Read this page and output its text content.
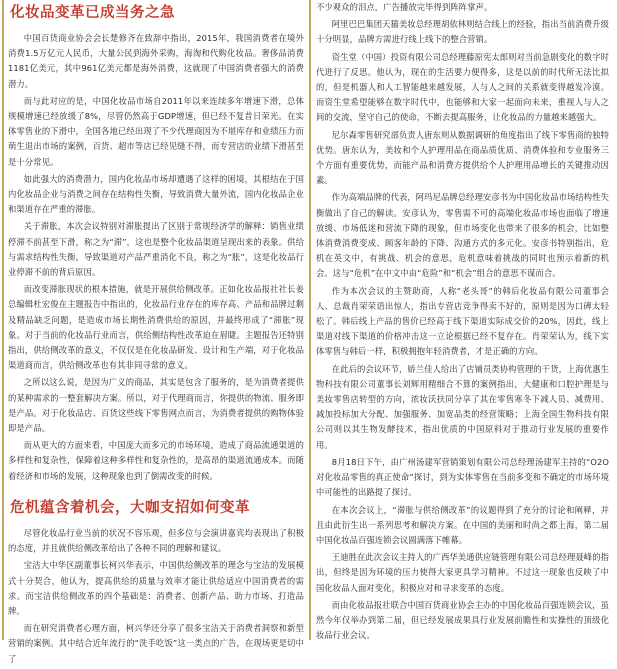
化妆品变革已成当务之急

中国百货商业协会会长楚修齐在致辞中指出，2015年，我国消费者在境外消费1.5万亿元人民币，大量公民到海外采购，海淘和代购化妆品。奢侈品消费1181亿美元，其中961亿美元都是海外消费，这就现了中国消费者强大的消费潜力。

而与此对应的是，中国化妆品市场自2011年以来连续多年增速下滑，总体规模增速已经放缓了8%，尽管仍然高于GDP增速，但已经不复昔日荣光。在实体零售业的下滑中，全国各地已经出现了不少代理商因为不堪库存和业绩压力而萌生退出市场的案例，百货、超市等店已经见缝不得，而专营店的业绩下滑甚至是十分常见。

如此强大的消费潜力，国内化妆品市场却遭遇了这样的困境，其根结在于国内化妆品企业与消费之间存在结构性失衡，导致消费大量外流，国内化妆品企业和渠道存在严重的滞胀。

关于滞胀，本次会议特别对滞胀提出了区别于常规经济学的解释：销售业绩停滞不前甚至下滑，称之为“滞”，这也是整个化妆品渠道呈现出来的表象。供给与需求结构性失衡，导致渠道对产品严重消化不良，称之为“胀”，这是化妆品行业停滞不前的背后原因。

而改变滞胀现状的根本措施，就是开展供给侧改革。正如化妆品报社社长姜总编辑杜宏俊在主题报告中指出的，化妆品行业存在的库存高、产品和品牌过剩及精品缺乏问题，是造成市场长期性消费供给的原因，并最终形成了“滞胀”现象。对于当前的化妆品行业而言，供给侧结构性改革迫在眉睫。主题报告还特别指出，供给侧改革的意义，不仅仅是在化妆品研发、设计和生产端，对于化妆品渠道商而言，供给侧改革也有其非同寻常的意义。

之所以这么说，是因为广义的商品，其实是包含了服务的，是为消费者提供的某种需求的一整套解决方案。所以，对于代理商而言，你提供的物流、服务即是产品。对于化妆品店、百货这些线下零售网点而言，为消费者提供的购物体验即是产品。

而从更大的方面来看，中国庞大而多元的市场环境，造成了商品流通渠道的多样性和复杂性，保障着这种多样性和复杂性的，是高昂的渠道流通成本。而随着经济和市场的发展，这种现象也到了倒需改变的时候。

危机蕴含着机会，大咖支招如何变革

尽管化妆品行业当前的状况不容乐观，但多位与会演讲嘉宾均表现出了积极的态度，并且就供给侧改革给出了各种不同的理解和建议。

宝洁大中华区副董事长柯兴华表示，中国供给侧改革的理念与宝洁的发展模式十分契合，他认为，提高供给的质量与效率才能让供给适应中国消费者的需求。而宝洁供给侧改革的四个基础是：消费者、创新产品、助力市场、打造品牌。

而在研究消费者心理方面，柯兴华还分享了很多宝洁关于消费者洞察和新型营销的案例。其中结合近年流行的“洗手吃饭”这一类点的广告，在现场更是切中了

不少观众的泪点，广告播放完毕得到阵阵掌声。

阿里巴巴集团天猫美妆总经理胡依林则结合线上的经验，指出当前消费升级十分明显，品牌方需进行线上线下的整合营销。

资生堂（中国）投资有限公司总经理藤原宪太郎则对当前急剧变化的数字时代进行了反思。他认为，现在的生活要力便得多，这是以前的时代所无法比拟的，但是机器人和人工智能越来越发展，人与人之间的关系就变得越发冷漠。而资生堂希望能够在数字时代中，也能够和大家一起面向未来，重视人与人之间的交流，坚守自己的使命，不断去提高服务，让化妆品的力量越来越强大。

尼尔森零售研究部负责人唐东则从数据调研的角度指出了线下零售商的独特优势。唐东认为，美妆和个人护理用品在商品质优质、消费体验和专业服务三个方面有重要优势，而能产品和消费方提供给个人护理用品增长的关键推动因素。

作为高端品牌的代表，阿玛尼品牌总经理安彦书为中国化妆品市场结构性失衡做出了自己的解读。安彦认为，零售需不可的高端化妆品市场也面临了增速放缓、市场低迷和营流下降的现象，但市场变化也带来了很多的机会，比如整体消费消费变成、顾客年龄的下降、沟通方式的多元化。安彦书特别指出，危机在英文中，有挑战、机会的意思，危机意味着挑战的同时也预示着新的机会。这与“危机”在中文中由“危险”和“机会”组合的意思不谋而合。

作为本次会议的主赞助商，人称“老头哥”的韩后化妆品有限公司董事会人、总裁肖荣荣语出惊人，指出专营店竞争得卖不好的，原则是因为口碑太轻松了。韩后线上产品的售价已经高于线下渠道实际成交价的20%，因此，线上渠道对线下渠道的价格冲击这一立论根据已经不复存在。肖荣荣认为，线下实体零售与韩后一样，积极拥抱年轻消费者，才是正确的方向。

在此后的会议环节，娇兰佳人给出了店铺员类协构管理的干货，上海优惠生物科技有限公司董事长刘辉用精细合不算的案例指出，大健康和口腔护理是与美妆零售店转型的方向，浓妆沃扶同分享了其在零售寒冬下减人员、减费用、减加投标加大分配、加强服务、加宽品类的经营策略；上海全国生物科技有限公司则以其生物发酵技术，指出优质的中国原料对于推动行业发展的重要作用。

8月18日下午，由广州汤建军营销策划有限公司总经理汤建军主持的“O2O对化妆品零售的真正使命”探讨，到为实体零售在当前多变和不确定的市场环境中可能性的出路提了探讨。

在本次会议上，“滞胀与供给侧改革”的议题得到了充分的讨论和阐释，并且由此衍生出一系列思考和解决方案。在中国的美丽和时尚之都上海，第二届中国化妆品百强连锁会议圆满落下帷幕。

王迪胜在此次会议主持人的广西华美通供应链管理有限公司总经理聂峰的指出，但终是因为环境的压力使得大家更具学习精神。不过这一现象也反映了中国化妆品人面对变化，积极应对和寻求变革的态度。

而由化妆品报社联合中国百货商业协会主办的中国化妆品百强连锁会议，虽然今年仅举办到第二届，但已经发展成果具行业发展前瞻性和实操性的顶级化妆品行业会议。
